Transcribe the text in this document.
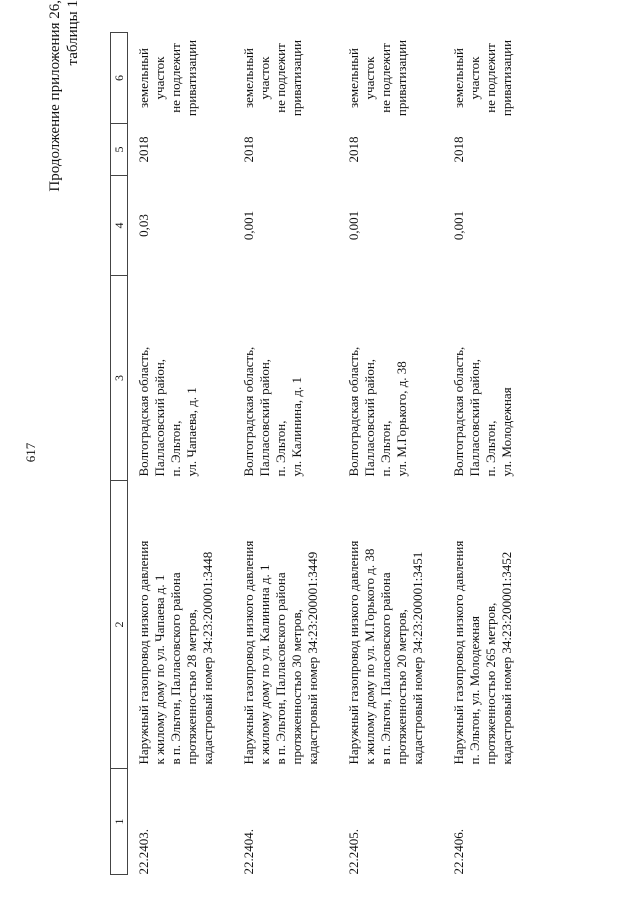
617
Продолжение приложения 26, таблицы 1
1	2	3	4	5	6
22.2403.	Наружный газопровод низкого давления к жилому дому по ул. Чапаева д. 1 в п. Эльтон, Палласовского района протяженностью 28 метров, кадастровый номер 34:23:200001:3448	Волгоградская область, Палласовский район, п. Эльтон, ул. Чапаева, д. 1	0,03	2018	земельный участок не подлежит приватизации

22.2404.	Наружный газопровод низкого давления к жилому дому по ул. Калинина д. 1 в п. Эльтон, Палласовского района протяженностью 30 метров, кадастровый номер 34:23:200001:3449	Волгоградская область, Палласовский район, п. Эльтон, ул. Калинина, д. 1	0,001	2018	земельный участок не подлежит приватизации

22.2405.	Наружный газопровод низкого давления к жилому дому по ул. М.Горького д. 38 в п. Эльтон, Палласовского района протяженностью 20 метров, кадастровый номер 34:23:200001:3451	Волгоградская область, Палласовский район, п. Эльтон, ул. М.Горького, д. 38	0,001	2018	земельный участок не подлежит приватизации

22.2406.	Наружный газопровод низкого давления п. Эльтон, ул. Молодежная протяженностью 265 метров, кадастровый номер 34:23:200001:3452	Волгоградская область, Палласовский район, п. Эльтон, ул. Молодежная	0,001	2018	земельный участок не подлежит приватизации
